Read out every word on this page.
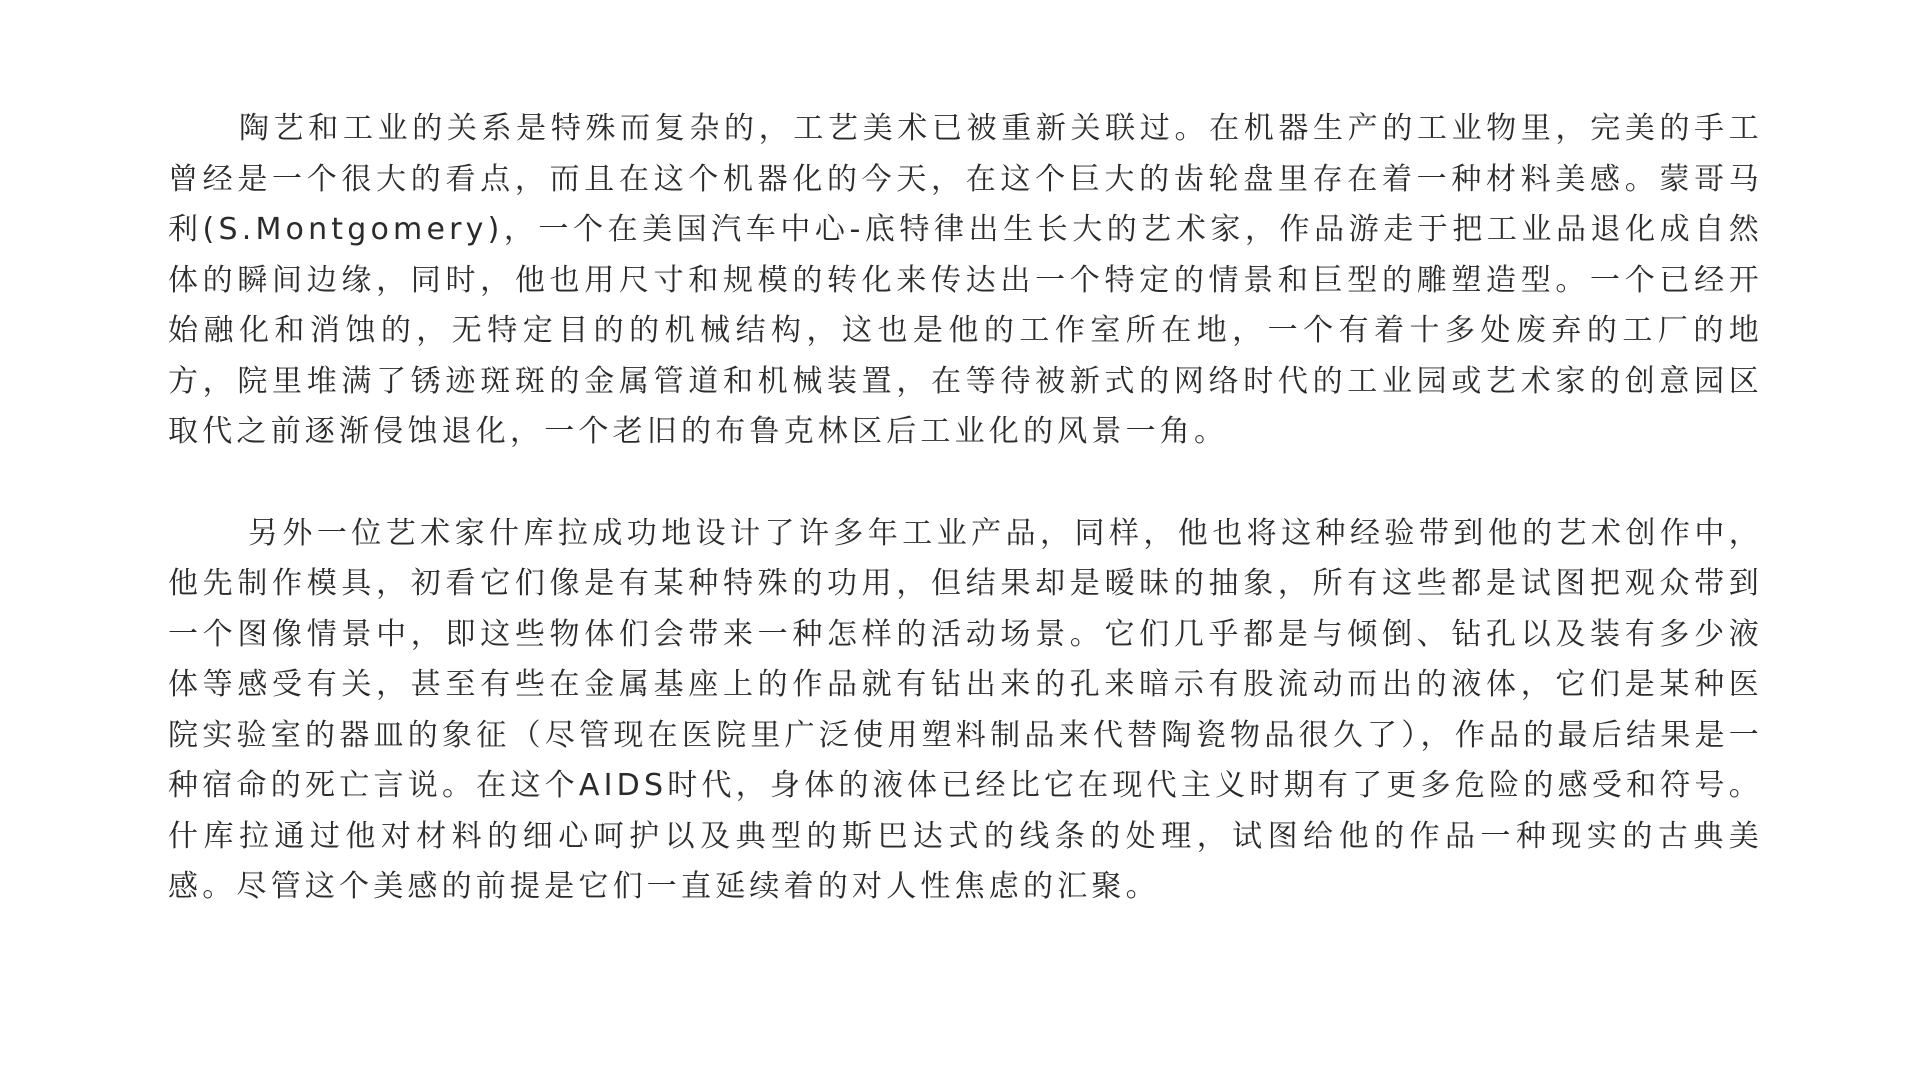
陶艺和工业的关系是特殊而复杂的，工艺美术已被重新关联过。在机器生产的工业物里，完美的手工曾经是一个很大的看点，而且在这个机器化的今天，在这个巨大的齿轮盘里存在着一种材料美感。蒙哥马利(S.Montgomery)，一个在美国汽车中心-底特律出生长大的艺术家，作品游走于把工业品退化成自然体的瞬间边缘，同时，他也用尺寸和规模的转化来传达出一个特定的情景和巨型的雕塑造型。一个已经开始融化和消蚀的，无特定目的的机械结构，这也是他的工作室所在地，一个有着十多处废弃的工厂的地方，院里堆满了锈迹斑斑的金属管道和机械装置，在等待被新式的网络时代的工业园或艺术家的创意园区取代之前逐渐侵蚀退化，一个老旧的布鲁克林区后工业化的风景一角。

另外一位艺术家什库拉成功地设计了许多年工业产品，同样，他也将这种经验带到他的艺术创作中，他先制作模具，初看它们像是有某种特殊的功用，但结果却是暧昧的抽象，所有这些都是试图把观众带到一个图像情景中，即这些物体们会带来一种怎样的活动场景。它们几乎都是与倾倒、钻孔以及装有多少液体等感受有关，甚至有些在金属基座上的作品就有钻出来的孔来暗示有股流动而出的液体，它们是某种医院实验室的器皿的象征（尽管现在医院里广泛使用塑料制品来代替陶瓷物品很久了），作品的最后结果是一种宿命的死亡言说。在这个AIDS时代，身体的液体已经比它在现代主义时期有了更多危险的感受和符号。什库拉通过他对材料的细心呵护以及典型的斯巴达式的线条的处理，试图给他的作品一种现实的古典美感。尽管这个美感的前提是它们一直延续着的对人性焦虑的汇聚。
